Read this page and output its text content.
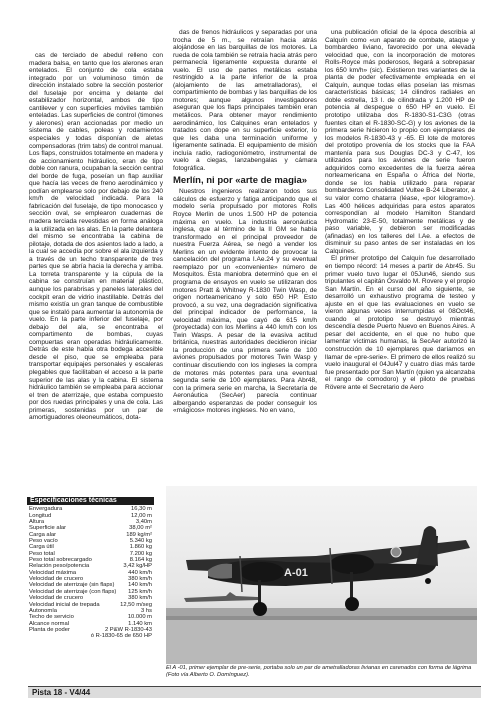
cas de terciado de abedul relleno con madera balsa, en tanto que los alerones eran entelados. El conjunto de cola estaba integrado por un voluminoso timón de dirección instalado sobre la sección posterior del fuselaje por encima y delante del estabilizador horizontal, ambos de tipo cantilever y con superficies móviles también enteladas. Las superficies de control (timones y alerones) eran accionadas por medio un sistema de cables, poleas y rodamientos especiales y todas disponían de aletas compensadoras (trim tabs) de control manual. Los flaps, construidos totalmente en madera y de accionamiento hidráulico, eran de tipo doble con ranura, ocupaban la sección central del borde de fuga, poseían un flap auxiliar que hacía las veces de freno aerodinámico y podían emplearse solo por debajo de los 240 km/h de velocidad indicada. Para la fabricación del fuselaje, de tipo monocasco y sección oval, se emplearon cuadernas de madera terciada revestidas en forma análoga a la utilizada en las alas. En la parte delantera del mismo se encontraba la cabina de pilotaje, dotada de dos asientos lado a lado, a la cual se accedía por sobre el ala izquierda y a través de un techo transparente de tres partes que se abría hacia la derecha y arriba. La torreta transparente y la cúpula de la cabina se construían en material plástico, aunque los parabrisas y paneles laterales del cockpit eran de vidrio inastillable. Detrás del mismo existía un gran tanque de combustible que se instaló para aumentar la autonomía de vuelo. En la parte inferior del fuselaje, por debajo del ala, se encontraba el compartimento de bombas, cuyas compuertas eran operadas hidráulicamente. Detrás de este había otra bodega accesible desde el piso, que se empleaba para transportar equipajes personales y escaleras plegables que facilitaban el acceso a la parte superior de las alas y la cabina. El sistema hidráulico también se empleaba para accionar el tren de aterrizaje, que estaba compuesto por dos ruedas principales y una de cola. Las primeras, sostenidas por un par de amortiguadores oleoneumáticos, dota-

das de frenos hidráulicos y separadas por una trocha de 5 m., se retraían hacia atrás alojándose en las barquillas de los motores. La rueda de cola también se retraía hacia atrás pero permanecía ligeramente expuesta durante el vuelo. El uso de partes metálicas estaba restringido a la parte inferior de la proa (alojamiento de las ametralladoras), el compartimiento de bombas y las barquillas de los motores; aunque algunos investigadores aseguran que los flaps principales también eran metálicos. Para obtener mayor rendimiento aerodinámico, los Calquines eran entelados y tratados con dope en su superficie exterior, lo que les daba una terminación uniforme y ligeramente satinada. El equipamiento de misión incluía radio, radiogoniómetro, instrumental de vuelo a ciegas, lanzabengalas y cámara fotográfica.

Merlín, ni por «arte de magia»

Nuestros ingenieros realizaron todos sus cálculos de esfuerzo y fatiga anticipando que el modelo sería propulsado por motores Rolls Royce Merlin de unos 1.500 HP de potencia máxima en vuelo. La industria aeronáutica inglesa, que al término de la II GM se había transformado en el principal proveedor de nuestra Fuerza Aérea, se negó a vender los Merlins en un evidente intento de provocar la cancelación del programa I.Ae.24 y su eventual reemplazo por un «conveniente» número de Mosquitos. Esta maniobra determinó que en el programa de ensayos en vuelo se utilizaran dos motores Pratt & Whitney R-1830 Twin Wasp, de origen norteamericano y solo 650 HP. Esto provocó, a su vez, una degradación significativa del principal indicador de performance, la velocidad máxima, que cayó de 615 km/h (proyectada) con los Merlins a 440 km/h con los Twin Wasps. A pesar de la evasiva actitud británica, nuestras autoridades decidieron iniciar la producción de una primera serie de 100 aviones propulsados por motores Twin Wasp y continuar discutiendo con los ingleses la compra de motores más potentes para una eventual segunda serie de 100 ejemplares. Para Abr48, con la primera serie en marcha, la Secretaría de Aeronáutica (SecAer) parecía continuar albergando esperanzas de poder conseguir los «mágicos» motores ingleses. No en vano,

una publicación oficial de la época describía al Calquín como «un aparato de combate, ataque y bombardeo liviano, favorecido por una elevada velocidad que, con la incorporación de motores Rolls-Royce más poderosos, llegará a sobrepasar los 650 km/h» (sic). Existieron tres variantes de la planta de poder efectivamente empleada en el Calquín, aunque todas ellas poseían las mismas características básicas; 14 cilindros radiales en doble estrella, 13 l. de cilindrada y 1.200 HP de potencia al despegue o 650 HP en vuelo. El prototipo utilizaba dos R-1830-S1-C3G (otras fuentes citan el R-1830-SC-G) y los aviones de la primera serie hicieron lo propio con ejemplares de los modelos R-1830-43 y -65. El lote de motores del prototipo provenía de los stocks que la FAA mantenía para sus Douglas DC-3 y C-47, los utilizados para los aviones de serie fueron adquiridos como excedentes de la fuerza aérea norteamericana en España o África del Norte, donde se los había utilizado para reparar bombarderos Consolidated Vultee B-24 Liberator, a su valor como chatarra (léase, «por kilogramo»). Las 400 hélices adquiridas para estos aparatos correspondían al modelo Hamilton Standard Hydromatic 23-E-50, totalmente metálicas y de paso variable, y debieron ser modificadas (afinadas) en los talleres del I.Ae. a efectos de disminuir su paso antes de ser instaladas en los Calquines.

El primer prototipo del Calquín fue desarrollado en tiempo récord: 14 meses a partir de Abr45. Su primer vuelo tuvo lugar el 05Jun46, siendo sus tripulantes el capitán Osvaldo M. Rovere y el propio San Martín. En el curso del año siguiente, se desarrolló un exhaustivo programa de testeo y ajuste en el que las evaluaciones en vuelo se vieron algunas veces interrumpidas el 08Oct46, cuando el prototipo se destruyó mientras descendía desde Puerto Nuevo en Buenos Aires. A pesar del accidente, en el que no hubo que lamentar víctimas humanas, la SecAer autorizó la construcción de 10 ejemplares que daríamos en llamar de «pre-serie». El primero de ellos realizó su vuelo inaugural el 04Jul47 y cuatro días más tarde fue presentado por San Martín (quien ya alcanzaba el rango de comodoro) y el piloto de pruebas Rövere ante el Secretario de Aero

Especificaciones técnicas
Envergadura	16,30 m
Longitud	12,00 m
Altura	3,40m
Superficie alar	38,00 m²
Carga alar	189 kg/m²
Peso vacío	5.340 kg
Carga útil	1.860 kg
Peso total	7.200 kg
Peso total sobrecargado	8.164 kg
Relación peso/potencia	3,42 kg/HP
Velocidad máxima	440 km/h
Velocidad de crucero	380 km/h
Velocidad de aterrizaje (sin flaps) 140 km/h
Velocidad de aterrizaje (con flaps) 125 km/h
Velocidad de crucero	380 km/h
Velocidad inicial de trepada	12,50 m/seg
Autonomía	3 hs
Techo de servicio	10.000 m
Alcance normal	1.140 km
Planta de poder	2 P&W R-1830-43
ó R-1830-65 de 650 HP
A-01
El A -01, primer ejemplar de pre-serie, portaba solo un par de ametralladoras livianas en carenados con forma de lágrima (Foto vía Alberto O. Domínguez).
Pista 18 - V4/44
